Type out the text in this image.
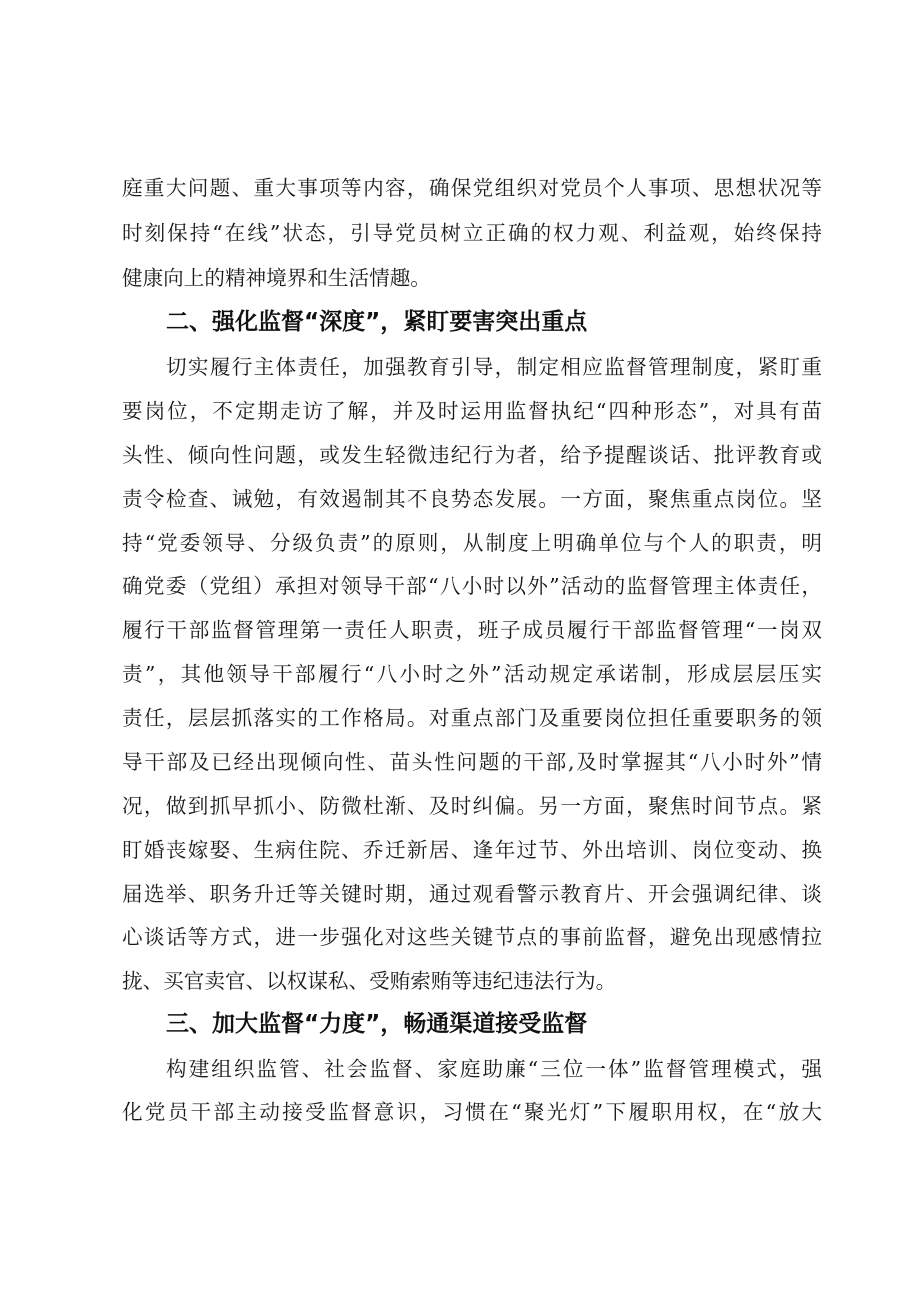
庭重大问题、重大事项等内容，确保党组织对党员个人事项、思想状况等
时刻保持“在线”状态，引导党员树立正确的权力观、利益观，始终保持
健康向上的精神境界和生活情趣。
二、强化监督“深度”，紧盯要害突出重点
切实履行主体责任，加强教育引导，制定相应监督管理制度，紧盯重
要岗位，不定期走访了解，并及时运用监督执纪“四种形态”，对具有苗
头性、倾向性问题，或发生轻微违纪行为者，给予提醒谈话、批评教育或
责令检查、诫勉，有效遏制其不良势态发展。一方面，聚焦重点岗位。坚
持“党委领导、分级负责”的原则，从制度上明确单位与个人的职责，明
确党委（党组）承担对领导干部“八小时以外”活动的监督管理主体责任，
履行干部监督管理第一责任人职责，班子成员履行干部监督管理“一岗双
责”，其他领导干部履行“八小时之外”活动规定承诺制，形成层层压实
责任，层层抓落实的工作格局。对重点部门及重要岗位担任重要职务的领
导干部及已经出现倾向性、苗头性问题的干部,及时掌握其“八小时外”情
况，做到抓早抓小、防微杜渐、及时纠偏。另一方面，聚焦时间节点。紧
盯婚丧嫁娶、生病住院、乔迁新居、逢年过节、外出培训、岗位变动、换
届选举、职务升迁等关键时期，通过观看警示教育片、开会强调纪律、谈
心谈话等方式，进一步强化对这些关键节点的事前监督，避免出现感情拉
拢、买官卖官、以权谋私、受贿索贿等违纪违法行为。
三、加大监督“力度”，畅通渠道接受监督
构建组织监管、社会监督、家庭助廉“三位一体”监督管理模式，强
化党员干部主动接受监督意识，习惯在“聚光灯”下履职用权，在“放大
